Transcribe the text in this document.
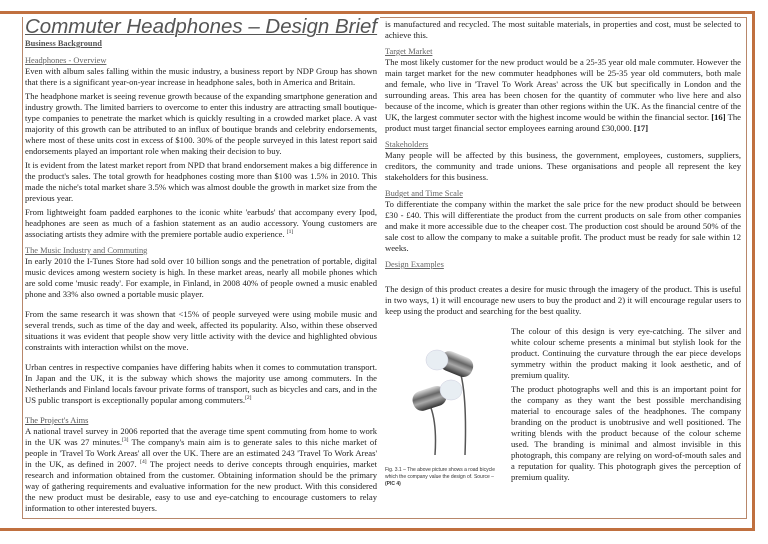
Commuter Headphones – Design Brief
Business Background
Headphones - Overview

Even with album sales falling within the music industry, a business report by NDP Group has shown that there is a significant year-on-year increase in headphone sales, both in America and Britain.

The headphone market is seeing revenue growth because of the expanding smartphone generation and industry growth. The limited barriers to overcome to enter this industry are attracting small boutique-type companies to penetrate the market which is quickly resulting in a crowded market place. A vast majority of this growth can be attributed to an influx of boutique brands and celebrity endorsements, where most of these units cost in excess of $100. 30% of the people surveyed in this latest report said endorsements played an important role when making their decision to buy.

It is evident from the latest market report from NPD that brand endorsement makes a big difference in the product's sales. The total growth for headphones costing more than $100 was 1.5% in 2010. This made the niche's total market share 3.5% which was almost double the growth in market size from the previous year.

From lightweight foam padded earphones to the iconic white 'earbuds' that accompany every Ipod, headphones are seen as much of a fashion statement as an audio accessory. Young customers are associating artists they admire with the premiere portable audio experience. [1]

The Music Industry and Commuting

In early 2010 the I-Tunes Store had sold over 10 billion songs and the penetration of portable, digital music devices among western society is high. In these market areas, nearly all mobile phones which are sold come 'music ready'. For example, in Finland, in 2008 40% of people owned a music enabled phone and 33% also owned a portable music player.

From the same research it was shown that <15% of people surveyed were using mobile music and several trends, such as time of the day and week, affected its popularity. Also, within these observed situations it was evident that people show very little activity with the device and highlighted obvious constraints with interaction whilst on the move.

Urban centres in respective companies have differing habits when it comes to commutation transport. In Japan and the UK, it is the subway which shows the majority use among commuters. In the Netherlands and Finland locals favour private forms of transport, such as bicycles and cars, and in the US public transport is exceptionally popular among commuters.[2]

The Project's Aims

A national travel survey in 2006 reported that the average time spent commuting from home to work in the UK was 27 minutes.[3] The company's main aim is to generate sales to this niche market of people in 'Travel To Work Areas' all over the UK. There are an estimated 243 'Travel To Work Areas' in the UK, as defined in 2007. [4] The project needs to derive concepts through enquiries, market research and information obtained from the customer. Obtaining information should be the primary way of gathering requirements and evaluative information for the new product. With this considered the new product must be desirable, easy to use and eye-catching to encourage customers to relay information to other interested buyers.

is manufactured and recycled. The most suitable materials, in properties and cost, must be selected to achieve this.

Target Market

The most likely customer for the new product would be a 25-35 year old male commuter. However the main target market for the new commuter headphones will be 25-35 year old commuters, both male and female, who live in 'Travel To Work Areas' across the UK but specifically in London and the surrounding areas. This area has been chosen for the quantity of commuter who live here and also because of the income, which is greater than other regions within the UK. As the financial centre of the UK, the largest commuter sector with the highest income would be within the financial sector. [16] The product must target financial sector employees earning around £30,000. [17]

Stakeholders

Many people will be affected by this business, the government, employees, customers, suppliers, creditors, the community and trade unions. These organisations and people all represent the key stakeholders for this business.

Budget and Time Scale

To differentiate the company within the market the sale price for the new product should be between £30 - £40. This will differentiate the product from the current products on sale from other companies and make it more accessible due to the cheaper cost. The production cost should be around 50% of the sale cost to allow the company to make a suitable profit. The product must be ready for sale within 12 weeks.

Design Examples

The design of this product creates a desire for music through the imagery of the product. This is useful in two ways, 1) it will encourage new users to buy the product and 2) it will encourage regular users to keep using the product and searching for the best quality.

Fig. 3.1 – The above picture shows a road bicycle which the company value the design of. Source – (PIC 4)

The colour of this design is very eye-catching. The silver and white colour scheme presents a minimal but stylish look for the product. Continuing the curvature through the ear piece develops symmetry within the product making it look aesthetic, and of premium quality.

The product photographs well and this is an important point for the company as they want the best possible merchandising material to encourage sales of the headphones. The company branding on the product is unobtrusive and well positioned. The writing blends with the product because of the colour scheme used. The branding is minimal and almost invisible in this photograph, this company are relying on word-of-mouth sales and a reputation for quality. This photograph gives the perception of premium quality.
